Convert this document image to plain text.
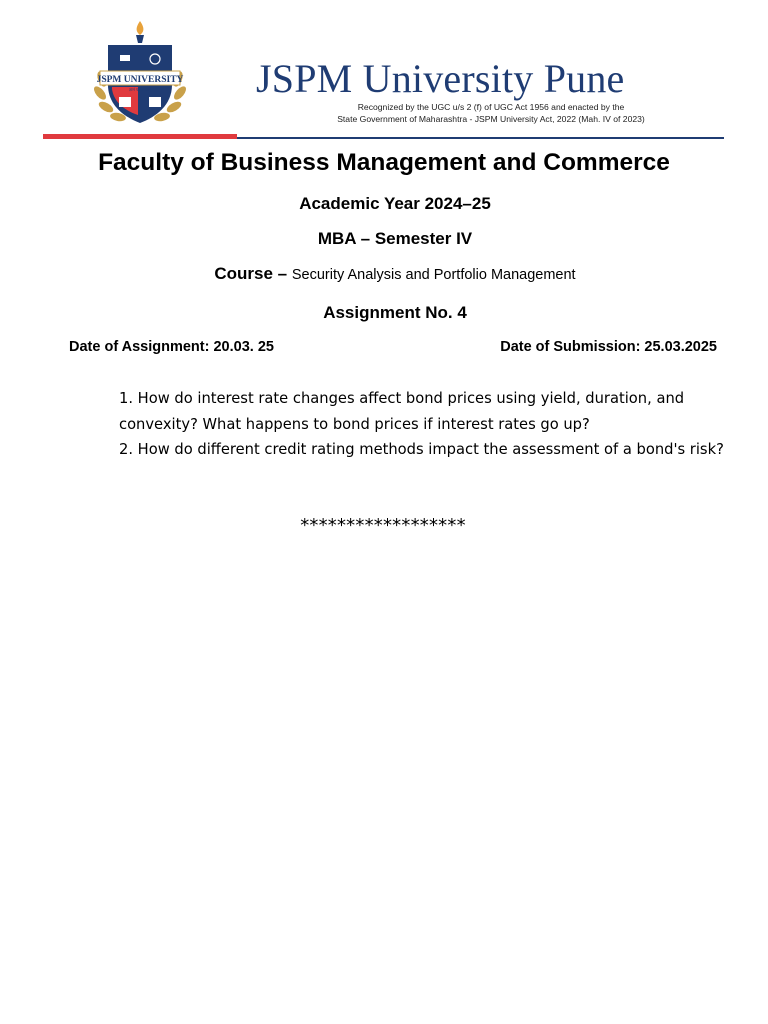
JSPM UNIVERSITY
ज्ञानं परमं बलम्	JSPM University Pune
Recognized by the UGC u/s 2 (f) of UGC Act 1956 and enacted by the
State Government of Maharashtra - JSPM University Act, 2022 (Mah. IV of 2023)
Faculty of Business Management and Commerce
Academic Year 2024–25
MBA – Semester IV
Course – Security Analysis and Portfolio Management
Assignment No. 4
Date of Assignment: 20.03. 25	Date of Submission: 25.03.2025

1. How do interest rate changes affect bond prices using yield, duration, and convexity? What happens to bond prices if interest rates go up?

2. How do different credit rating methods impact the assessment of a bond's risk?

******************
